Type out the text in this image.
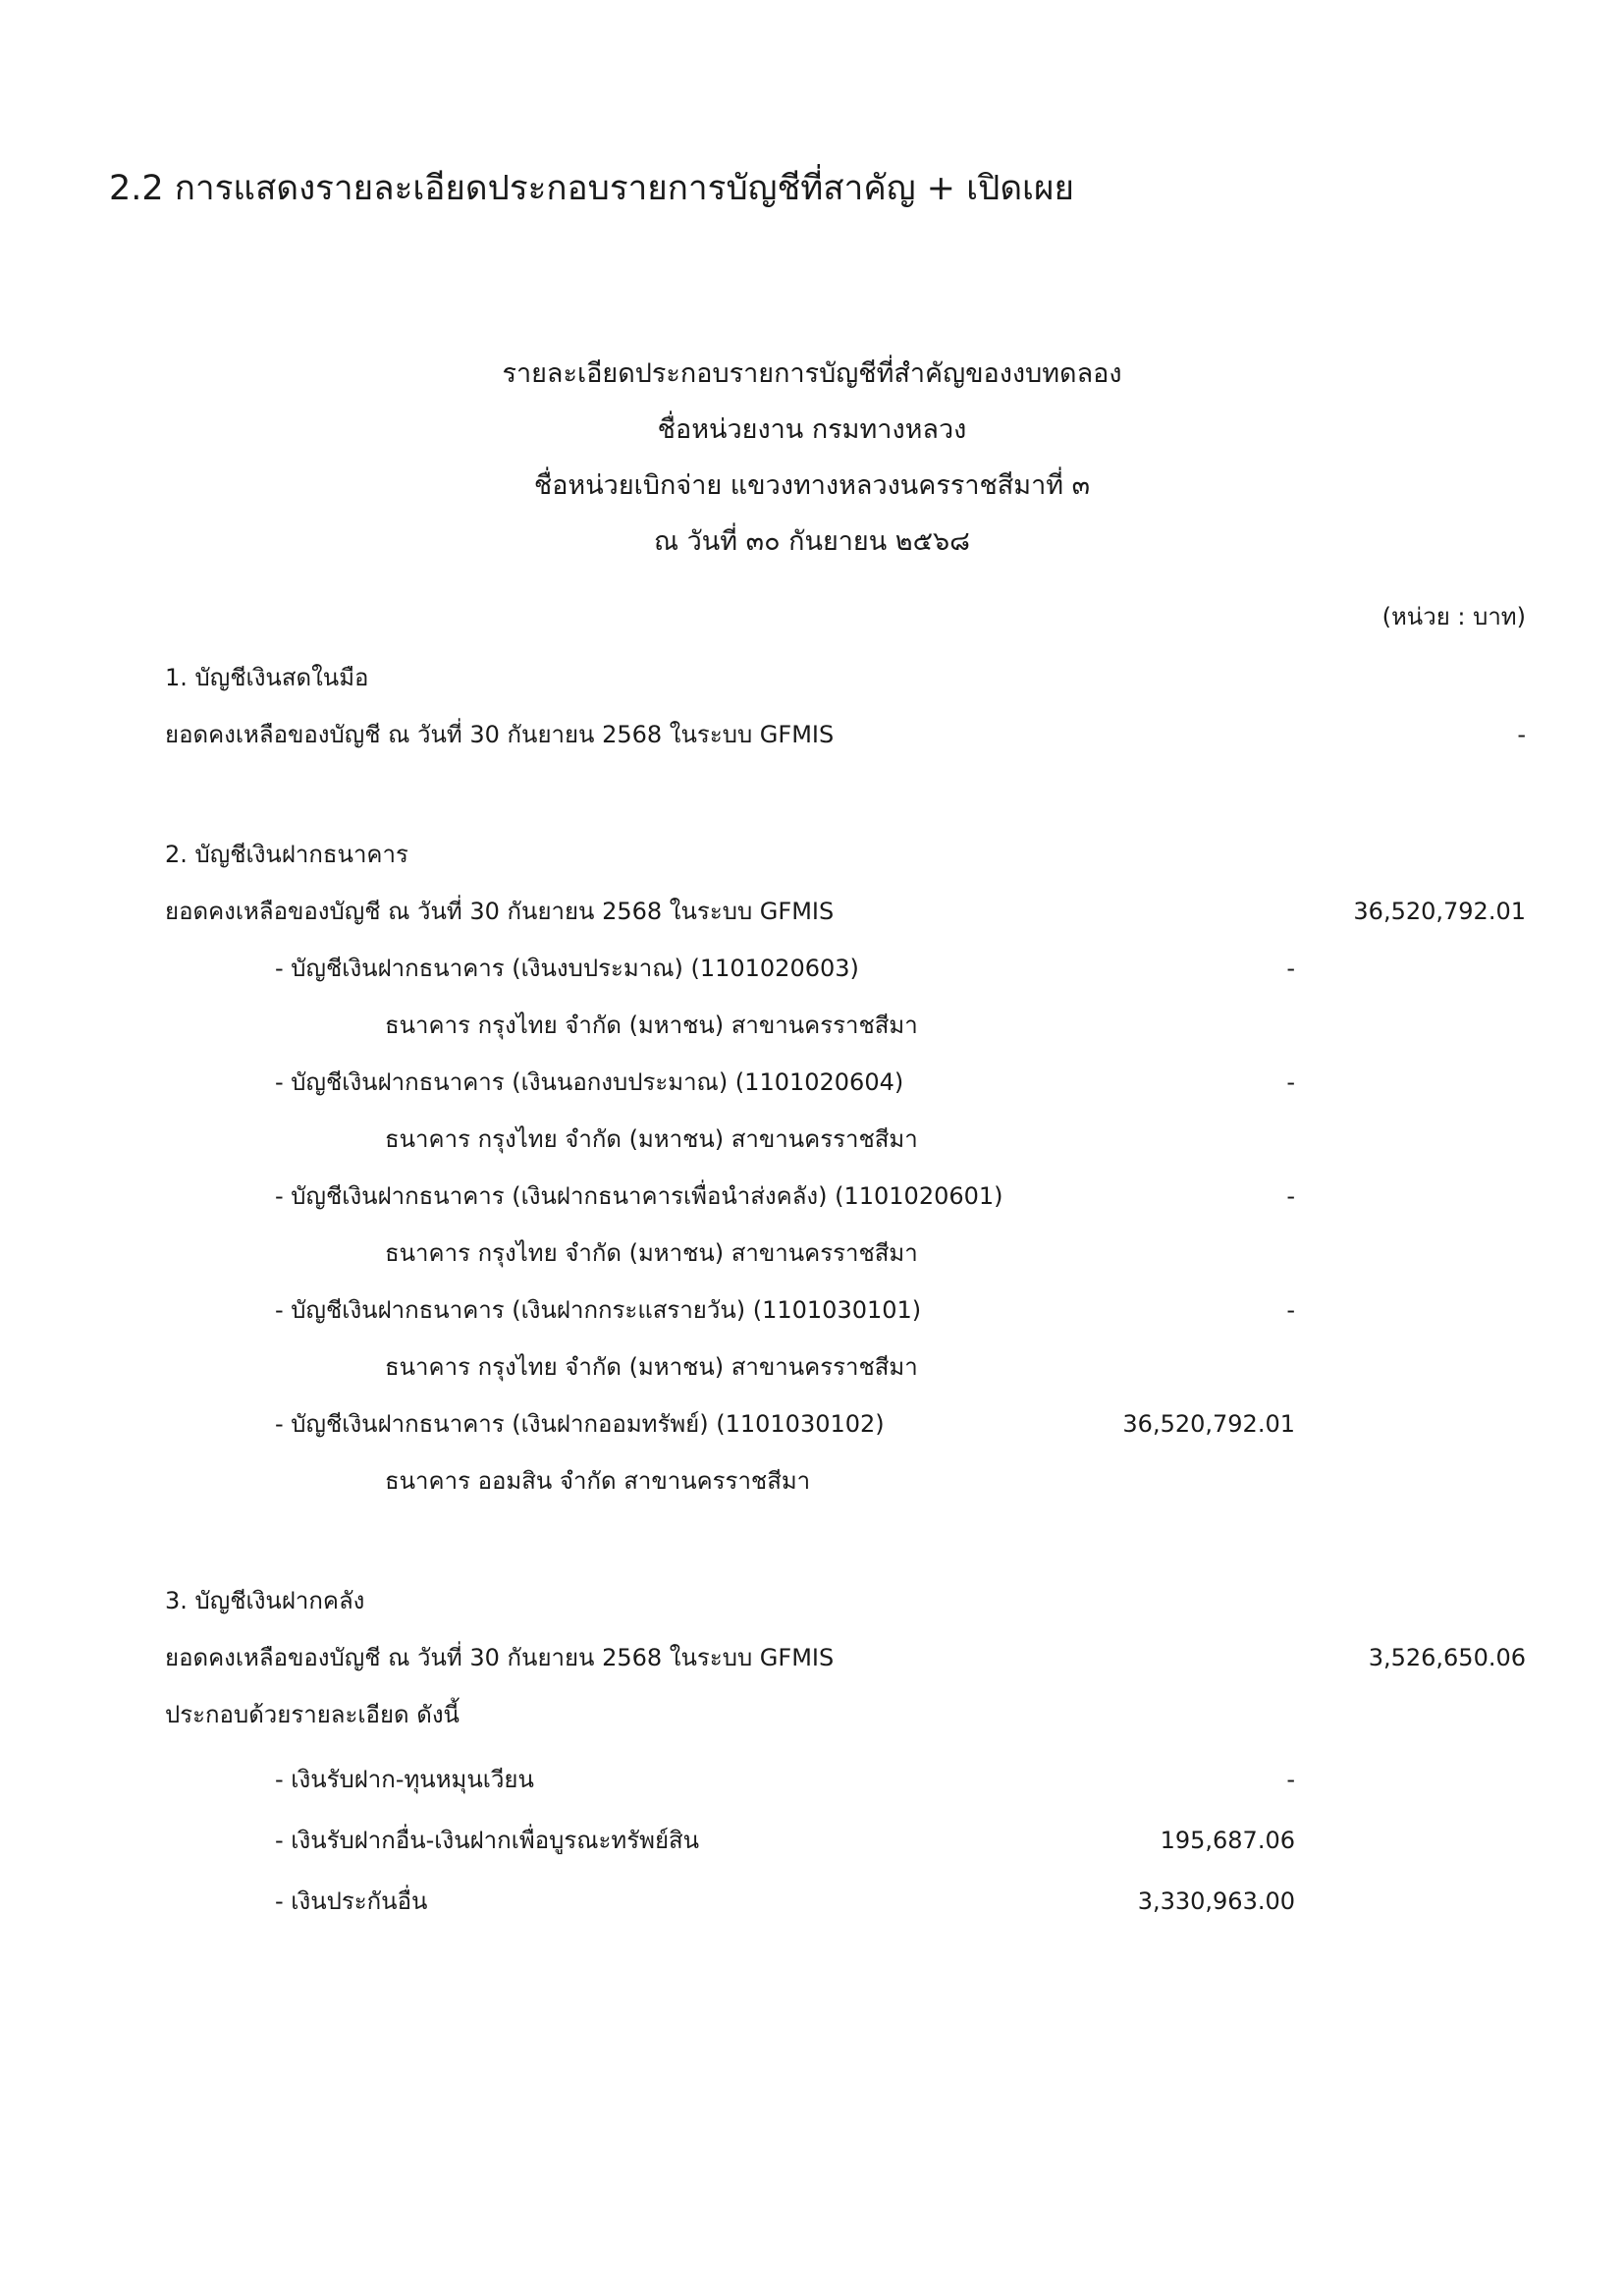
2.2 การแสดงรายละเอียดประกอบรายการบัญชีที่สาคัญ + เปิดเผย
รายละเอียดประกอบรายการบัญชีที่สำคัญของงบทดลอง
ชื่อหน่วยงาน กรมทางหลวง
ชื่อหน่วยเบิกจ่าย แขวงทางหลวงนครราชสีมาที่ ๓
ณ วันที่ ๓๐ กันยายน ๒๕๖๘
(หน่วย : บาท)
1. บัญชีเงินสดในมือ
ยอดคงเหลือของบัญชี ณ วันที่ 30 กันยายน 2568 ในระบบ GFMIS	-
2. บัญชีเงินฝากธนาคาร
ยอดคงเหลือของบัญชี ณ วันที่ 30 กันยายน 2568 ในระบบ GFMIS	36,520,792.01
- บัญชีเงินฝากธนาคาร (เงินงบประมาณ) (1101020603)	-
ธนาคาร กรุงไทย จำกัด (มหาชน) สาขานครราชสีมา
- บัญชีเงินฝากธนาคาร (เงินนอกงบประมาณ) (1101020604)	-
ธนาคาร กรุงไทย จำกัด (มหาชน) สาขานครราชสีมา
- บัญชีเงินฝากธนาคาร (เงินฝากธนาคารเพื่อนำส่งคลัง) (1101020601)	-
ธนาคาร กรุงไทย จำกัด (มหาชน) สาขานครราชสีมา
- บัญชีเงินฝากธนาคาร (เงินฝากกระแสรายวัน) (1101030101)	-
ธนาคาร กรุงไทย จำกัด (มหาชน) สาขานครราชสีมา
- บัญชีเงินฝากธนาคาร (เงินฝากออมทรัพย์) (1101030102)	36,520,792.01
ธนาคาร ออมสิน จำกัด สาขานครราชสีมา
3. บัญชีเงินฝากคลัง
ยอดคงเหลือของบัญชี ณ วันที่ 30 กันยายน 2568 ในระบบ GFMIS	3,526,650.06
ประกอบด้วยรายละเอียด ดังนี้
- เงินรับฝาก-ทุนหมุนเวียน	-
- เงินรับฝากอื่น-เงินฝากเพื่อบูรณะทรัพย์สิน	195,687.06
- เงินประกันอื่น	3,330,963.00
